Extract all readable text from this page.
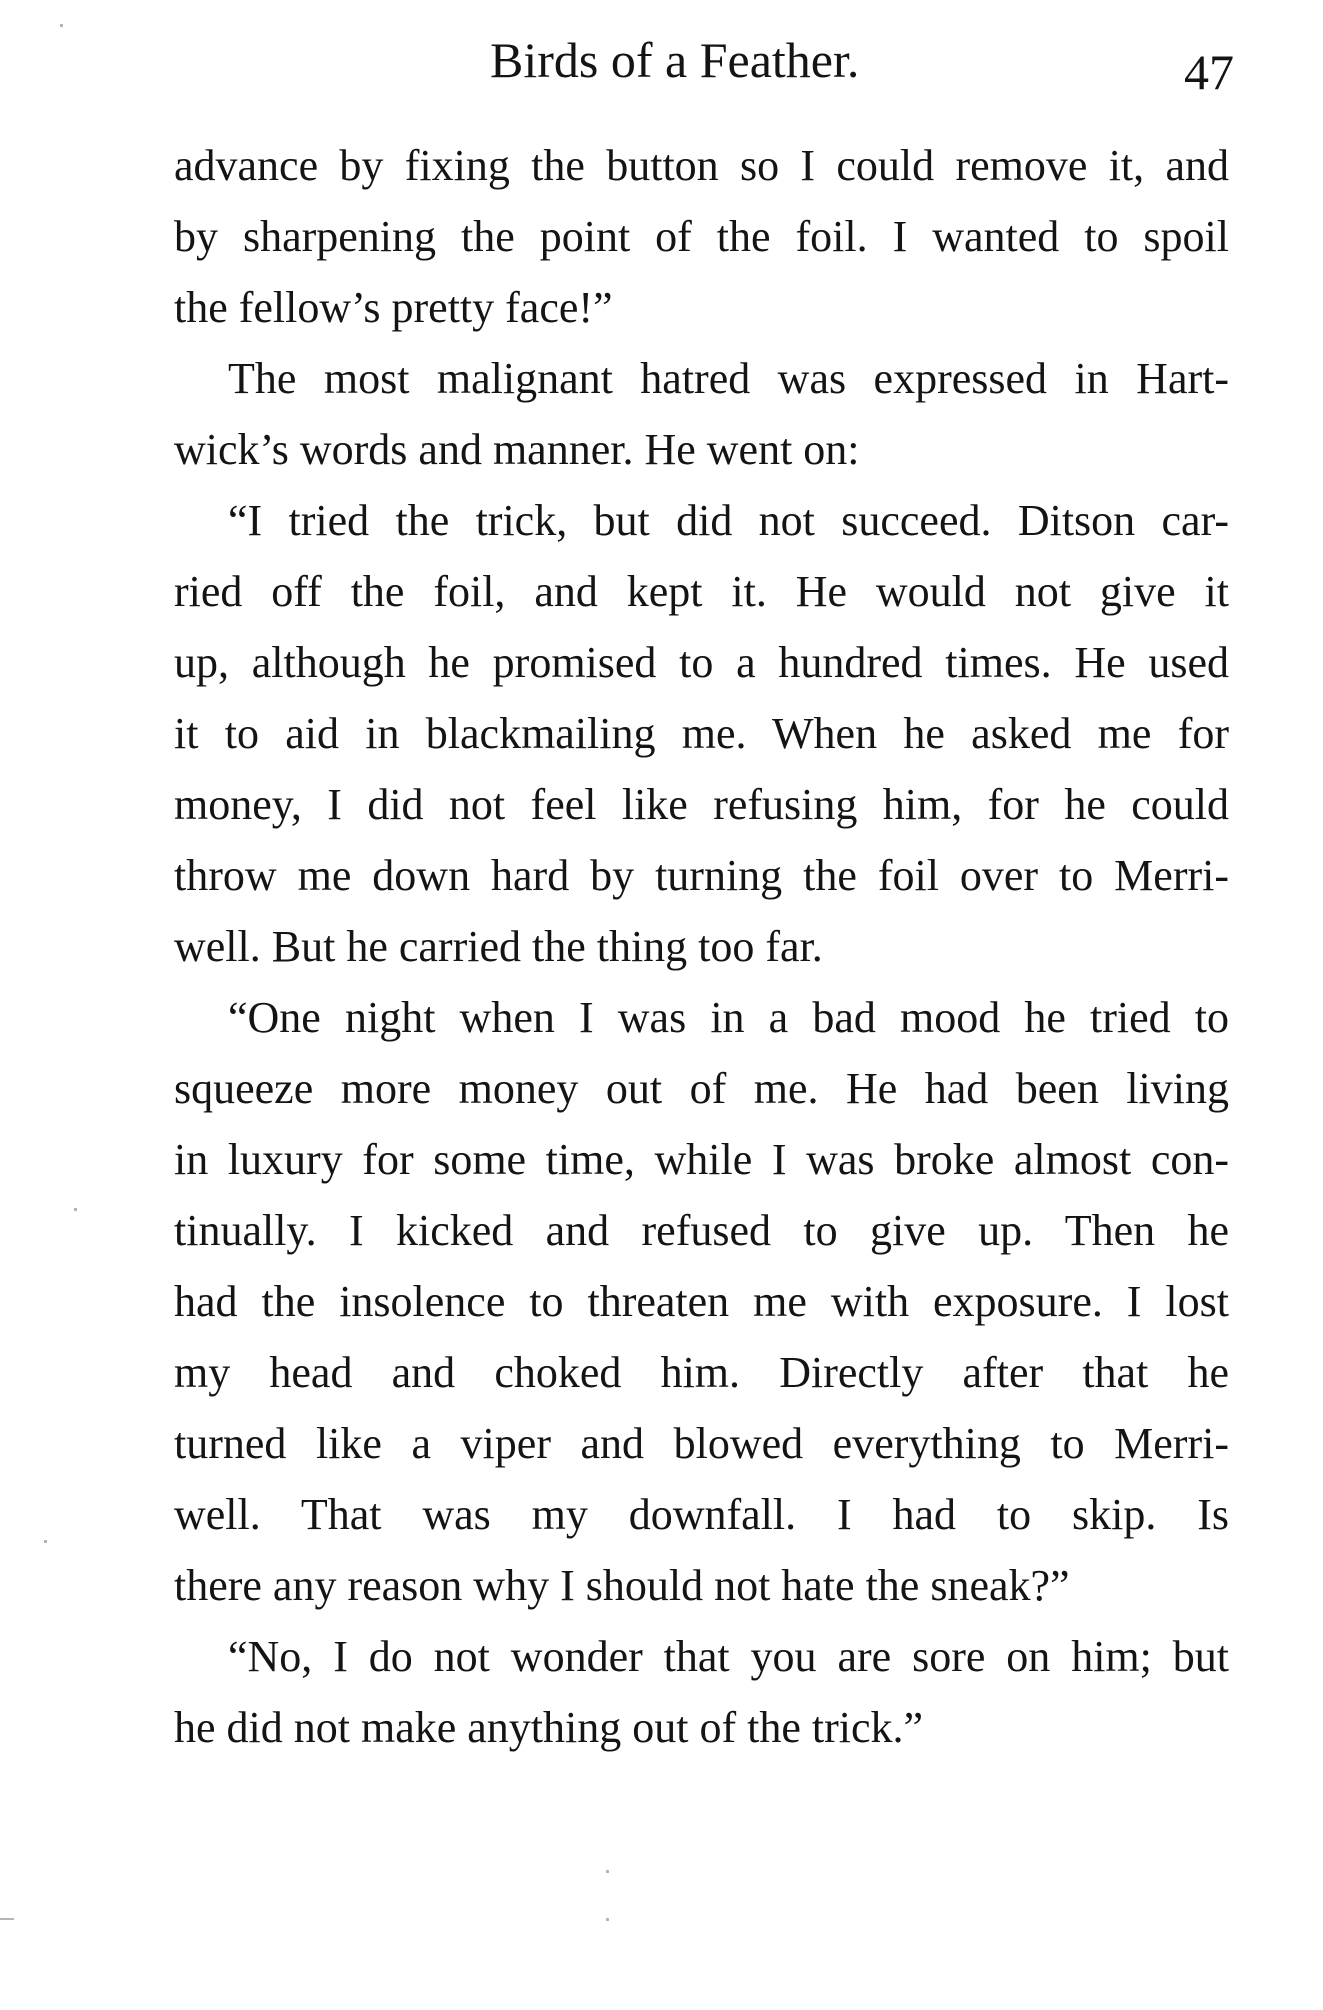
Birds of a Feather.	47
advance by fixing the button so I could remove it, and
by sharpening the point of the foil. I wanted to spoil
the fellow’s pretty face!”
The most malignant hatred was expressed in Hart-
wick’s words and manner. He went on:
“I tried the trick, but did not succeed. Ditson car-
ried off the foil, and kept it. He would not give it
up, although he promised to a hundred times. He used
it to aid in blackmailing me. When he asked me for
money, I did not feel like refusing him, for he could
throw me down hard by turning the foil over to Merri-
well. But he carried the thing too far.
“One night when I was in a bad mood he tried to
squeeze more money out of me. He had been living
in luxury for some time, while I was broke almost con-
tinually. I kicked and refused to give up. Then he
had the insolence to threaten me with exposure. I lost
my head and choked him. Directly after that he
turned like a viper and blowed everything to Merri-
well. That was my downfall. I had to skip. Is
there any reason why I should not hate the sneak?”
“No, I do not wonder that you are sore on him; but
he did not make anything out of the trick.”
